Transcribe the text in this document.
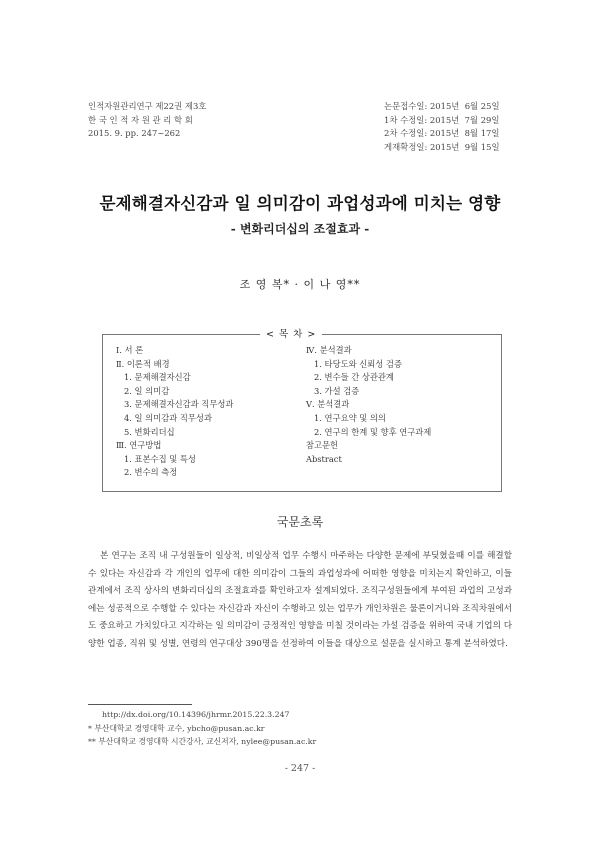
인적자원관리연구 제22권 제3호
한 국 인 적 자 원 관 리 학 회
2015. 9. pp. 247~262
논문접수일: 2015년 6월 25일
1차 수정일: 2015년 7월 29일
2차 수정일: 2015년 8월 17일
게재확정일: 2015년 9월 15일
문제해결자신감과 일 의미감이 과업성과에 미치는 영향
- 변화리더십의 조절효과 -
조 영 복* · 이 나 영**
< 목 차 >
Ⅰ. 서 론
Ⅱ. 이론적 배경
1. 문제해결자신감
2. 일 의미감
3. 문제해결자신감과 직무성과
4. 일 의미감과 직무성과
5. 변화리더십
Ⅲ. 연구방법
1. 표본수집 및 특성
2. 변수의 측정
Ⅳ. 분석결과
1. 타당도와 신뢰성 검증
2. 변수들 간 상관관계
3. 가설 검증
Ⅴ. 분석결과
1. 연구요약 및 의의
2. 연구의 한계 및 향후 연구과제
참고문헌
Abstract
국문초록
본 연구는 조직 내 구성원들이 일상적, 비일상적 업무 수행시 마주하는 다양한 문제에 부딪혔을때 이를 해결할 수 있다는 자신감과 각 개인의 업무에 대한 의미감이 그들의 과업성과에 어떠한 영향을 미치는지 확인하고, 이들 관계에서 조직 상사의 변화리더십의 조절효과를 확인하고자 설계되었다. 조직구성원들에게 부여된 과업의 고성과에는 성공적으로 수행할 수 있다는 자신감과 자신이 수행하고 있는 업무가 개인차원은 물론이거니와 조직차원에서도 중요하고 가치있다고 지각하는 일 의미감이 긍정적인 영향을 미칠 것이라는 가설 검증을 위하여 국내 기업의 다양한 업종, 직위 및 성별, 연령의 연구대상 390명을 선정하여 이들을 대상으로 설문을 실시하고 통계 분석하였다.
http://dx.doi.org/10.14396/jhrmr.2015.22.3.247
* 부산대학교 경영대학 교수, ybcho@pusan.ac.kr
** 부산대학교 경영대학 시간강사, 교신저자, nylee@pusan.ac.kr
- 247 -
